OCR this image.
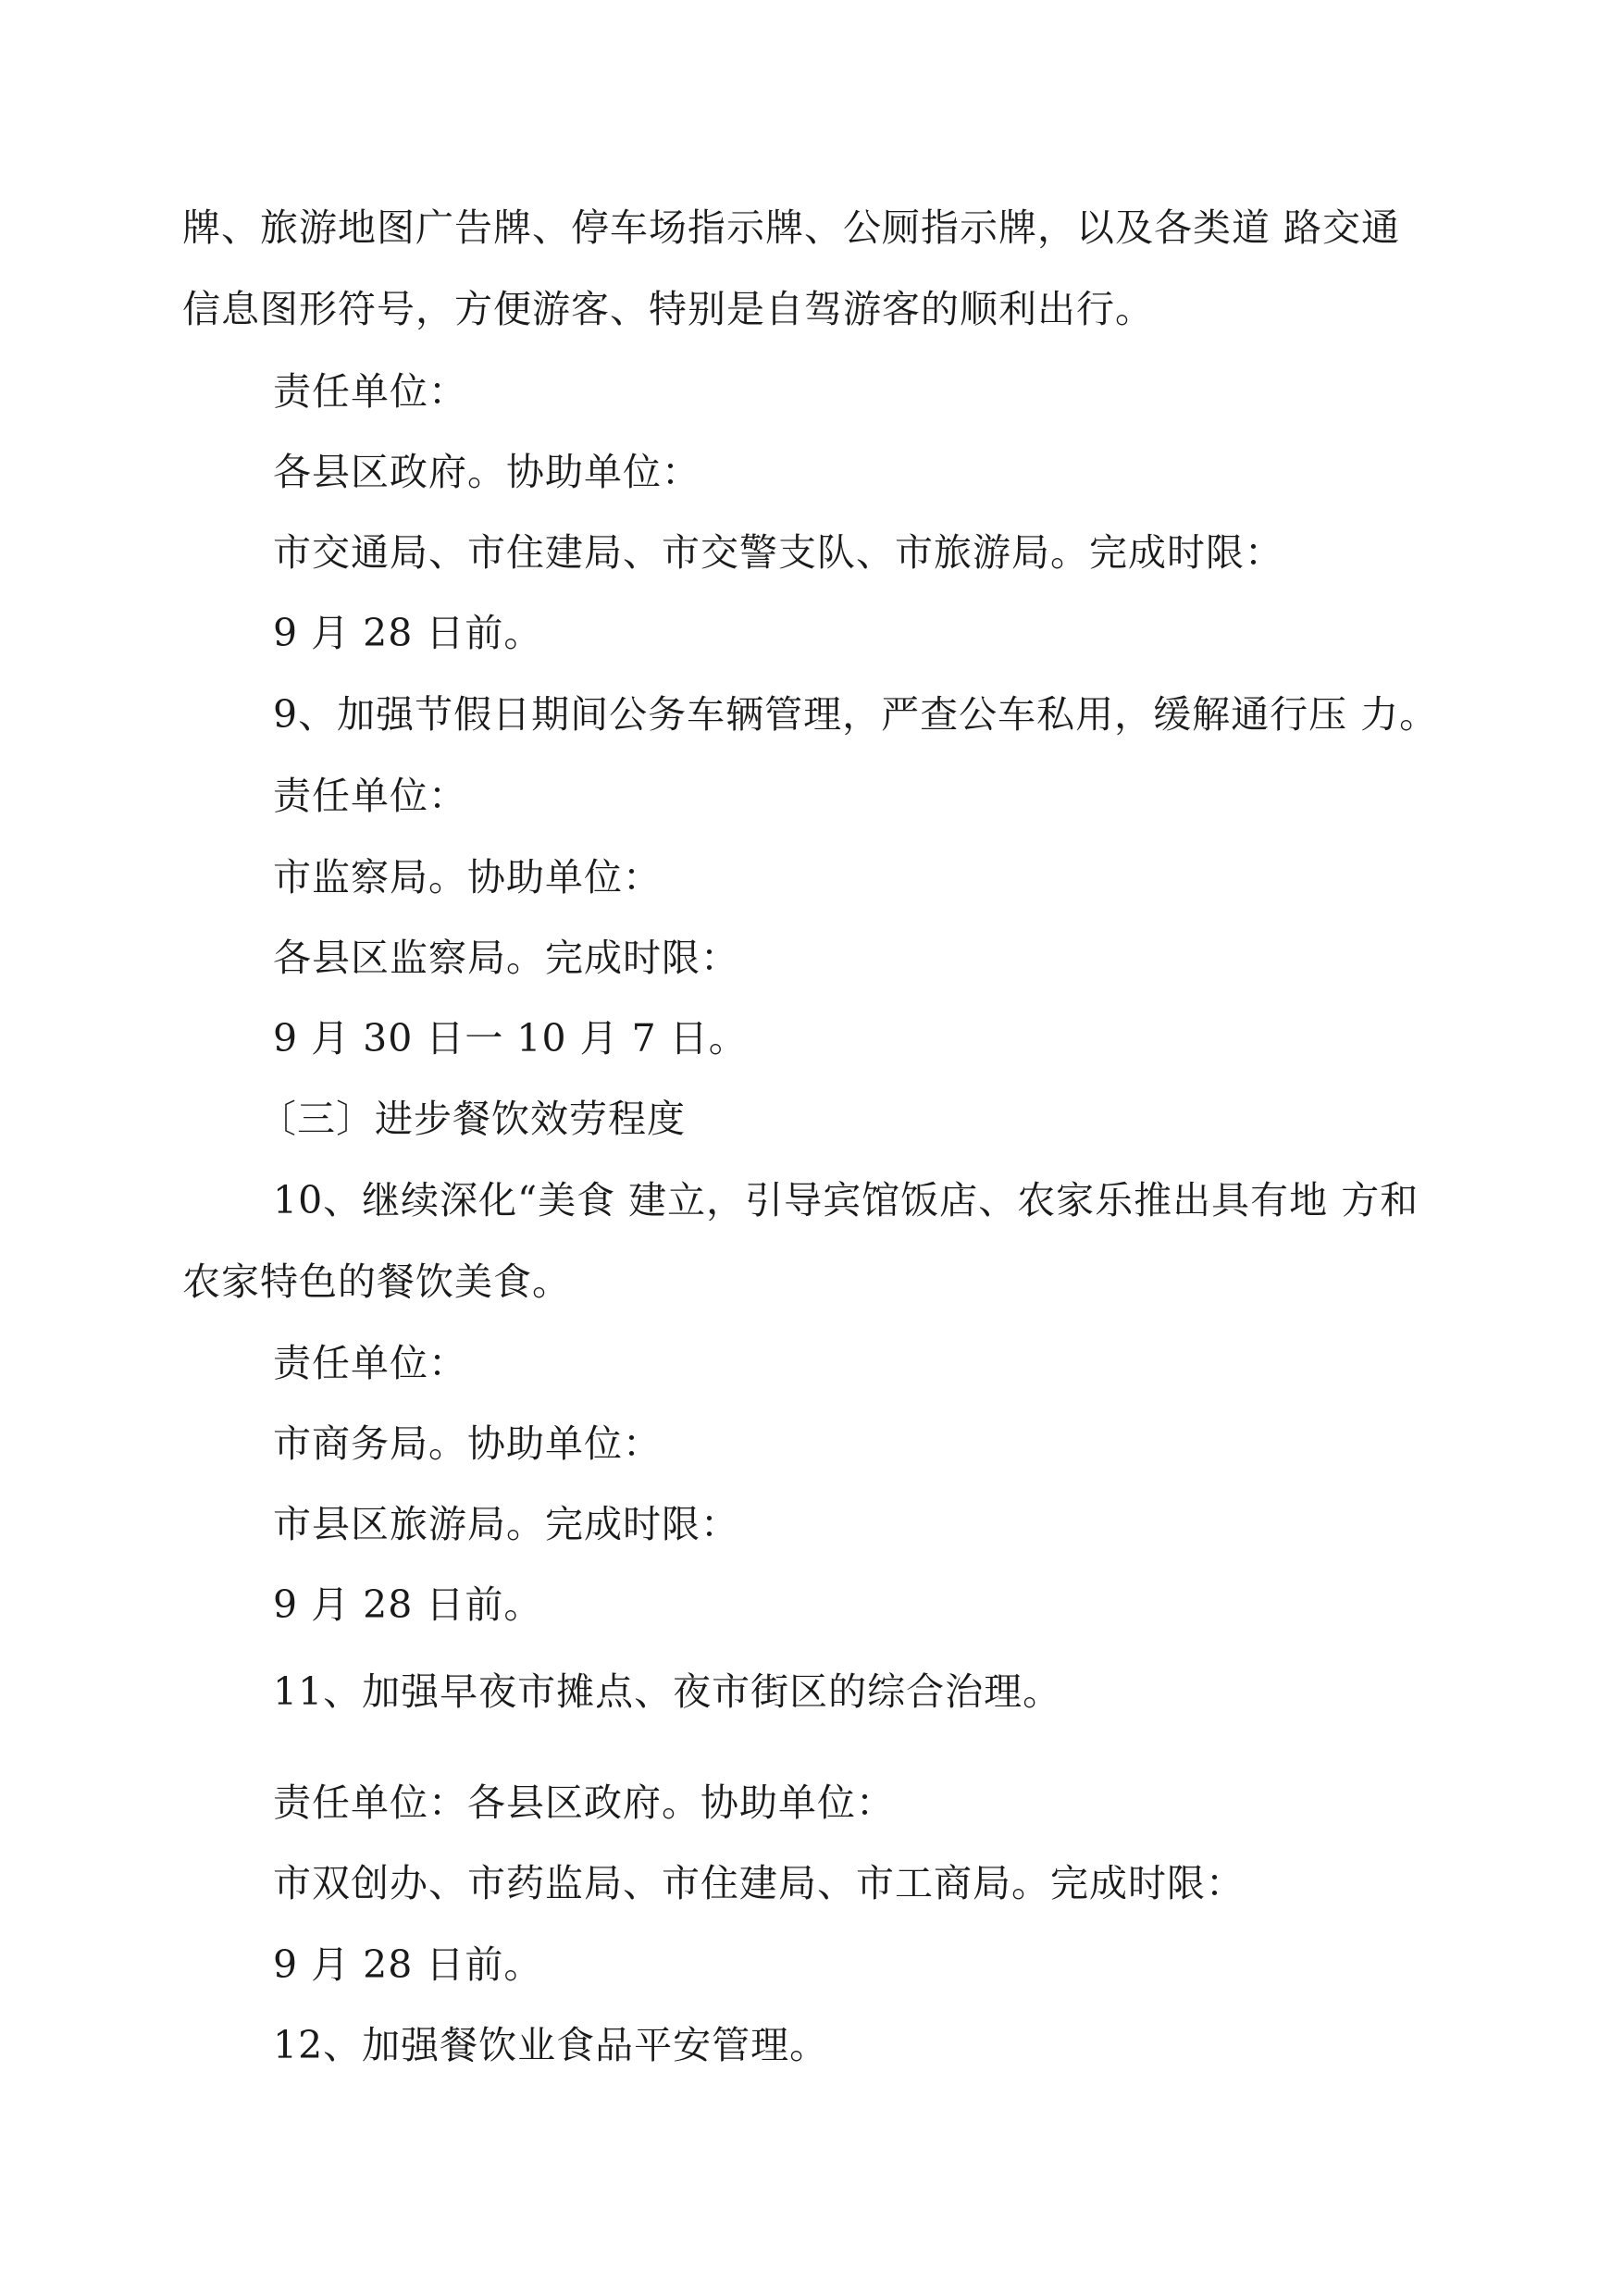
牌、旅游地图广告牌、停车场指示牌、公厕指示牌，以及各类道 路交通
信息图形符号，方便游客、特别是自驾游客的顺利出行。
责任单位：
各县区政府。协助单位：
市交通局、市住建局、市交警支队、市旅游局。完成时限：
9 月 28 日前。
9、加强节假日期间公务车辆管理，严查公车私用，缓解通行压 力。
责任单位：
市监察局。协助单位：
各县区监察局。完成时限：
9 月 30 日一 10 月 7 日。
〔三〕进步餐饮效劳程度
10、继续深化“美食 建立，引导宾馆饭店、农家乐推出具有地 方和
农家特色的餐饮美食。
责任单位：
市商务局。协助单位：
市县区旅游局。完成时限：
9 月 28 日前。
11、加强早夜市摊点、夜市街区的综合治理。
责任单位：各县区政府。协助单位：
市双创办、市药监局、市住建局、市工商局。完成时限：
9 月 28 日前。
12、加强餐饮业食品平安管理。
